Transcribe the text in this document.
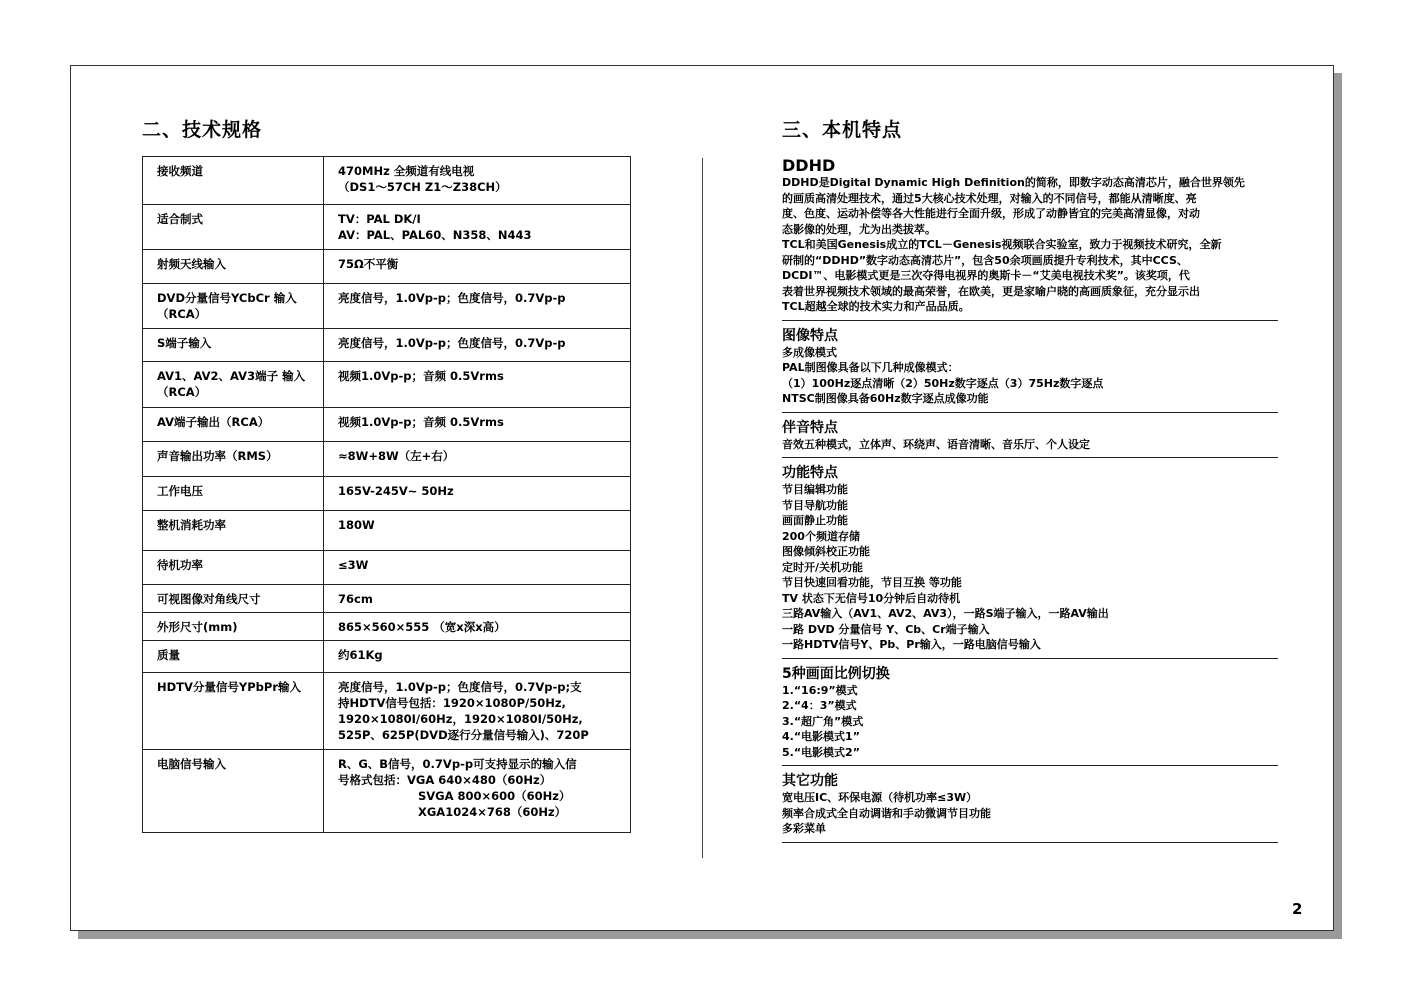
二、技术规格
接收频道	470MHz 全频道有线电视
（DS1～57CH Z1～Z38CH）

适合制式	TV：PAL DK/I
AV：PAL、PAL60、N358、N443

射频天线输入	75Ω不平衡

DVD分量信号YCbCr 输入（RCA）	亮度信号，1.0Vp-p；色度信号，0.7Vp-p

S端子输入	亮度信号，1.0Vp-p；色度信号，0.7Vp-p

AV1、AV2、AV3端子 输入（RCA）	视频1.0Vp-p；音频 0.5Vrms

AV端子输出（RCA）	视频1.0Vp-p；音频 0.5Vrms

声音输出功率（RMS）	≈8W+8W（左+右）

工作电压	165V-245V~ 50Hz

整机消耗功率	180W

待机功率	≤3W

可视图像对角线尺寸	76cm

外形尺寸(mm)	865×560×555 （宽x深x高）

质量	约61Kg

HDTV分量信号YPbPr输入	亮度信号，1.0Vp-p；色度信号，0.7Vp-p;支
持HDTV信号包括：1920×1080P/50Hz,
1920×1080I/60Hz，1920×1080I/50Hz,
525P、625P(DVD逐行分量信号输入)、720P

电脑信号输入	R、G、B信号，0.7Vp-p可支持显示的输入信
号格式包括：VGA 640×480（60Hz）
SVGA 800×600（60Hz）
XGA1024×768（60Hz）
三、本机特点
DDHD
DDHD是Digital Dynamic High Definition的简称，即数字动态高清芯片，融合世界领先
的画质高清处理技术，通过5大核心技术处理，对输入的不同信号，都能从清晰度、亮
度、色度、运动补偿等各大性能进行全面升级，形成了动静皆宜的完美高清显像，对动
态影像的处理，尤为出类拔萃。
TCL和美国Genesis成立的TCL－Genesis视频联合实验室，致力于视频技术研究，全新
研制的“DDHD”数字动态高清芯片”，包含50余项画质提升专利技术，其中CCS、
DCDI™、电影模式更是三次夺得电视界的奥斯卡－“艾美电视技术奖”。该奖项，代
表着世界视频技术领域的最高荣誉，在欧美，更是家喻户晓的高画质象征，充分显示出
TCL超越全球的技术实力和产品品质。
图像特点
多成像模式
PAL制图像具备以下几种成像模式：
（1）100Hz逐点清晰（2）50Hz数字逐点（3）75Hz数字逐点
NTSC制图像具备60Hz数字逐点成像功能
伴音特点
音效五种模式，立体声、环绕声、语音清晰、音乐厅、个人设定
功能特点
节目编辑功能
节目导航功能
画面静止功能
200个频道存储
图像倾斜校正功能
定时开/关机功能
节目快速回看功能，节目互换 等功能
TV 状态下无信号10分钟后自动待机
三路AV输入（AV1、AV2、AV3），一路S端子输入，一路AV输出
一路 DVD 分量信号 Y、Cb、Cr端子输入
一路HDTV信号Y、Pb、Pr输入，一路电脑信号输入
5种画面比例切换
1.“16:9”模式
2.“4：3”模式
3.“超广角”模式
4.“电影模式1”
5.“电影模式2”
其它功能
宽电压IC、环保电源（待机功率≤3W）
频率合成式全自动调谐和手动微调节目功能
多彩菜单
2
